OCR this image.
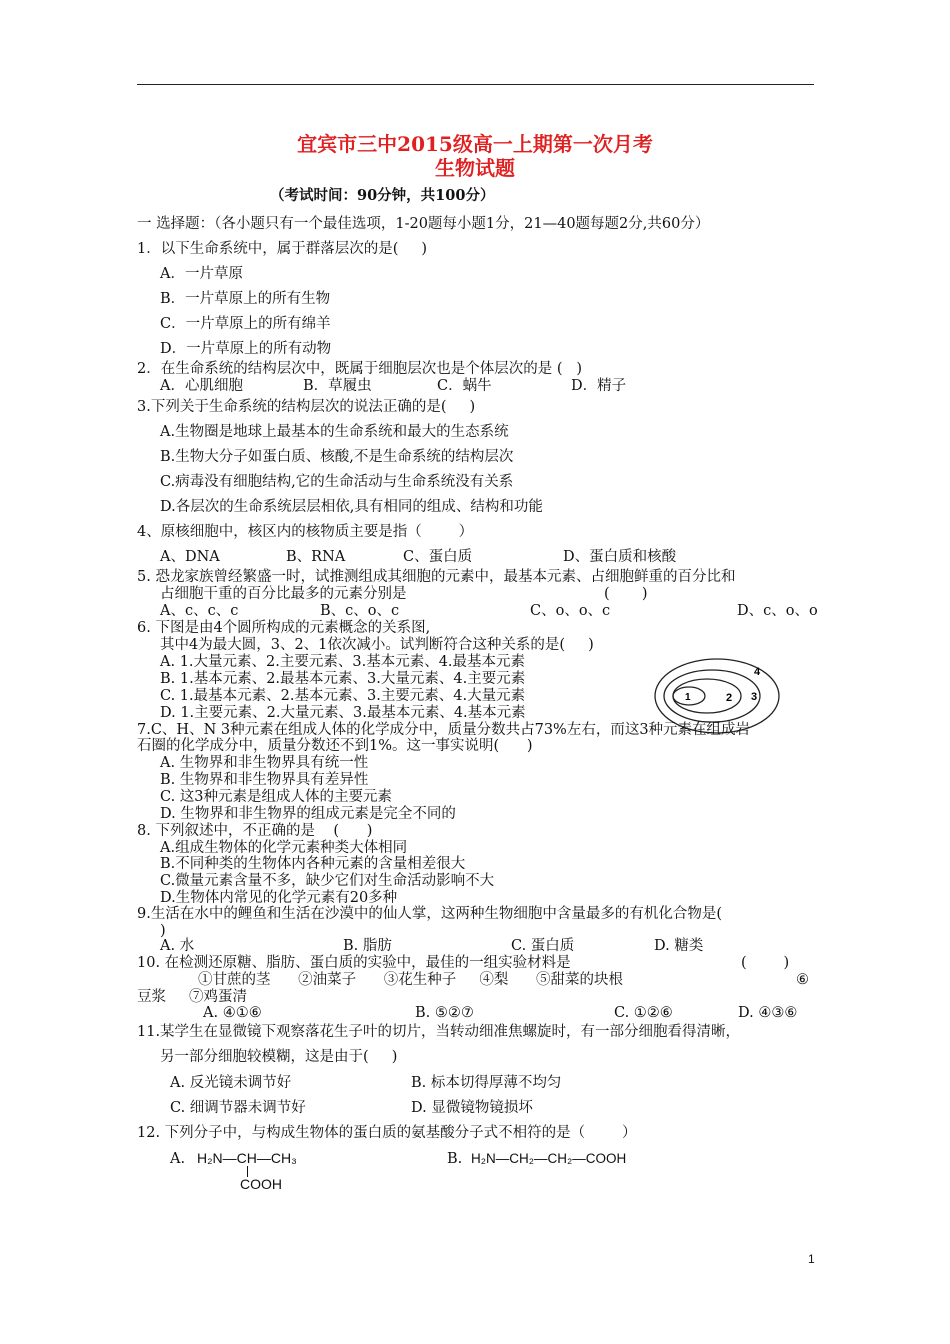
宜宾市三中2015级高一上期第一次月考
生物试题
（考试时间：90分钟，共100分）
一 选择题：（各小题只有一个最佳选项，1-20题每小题1分，21—40题每题2分,共60分）
1．以下生命系统中，属于群落层次的是(     )
A．一片草原
B．一片草原上的所有生物
C．一片草原上的所有绵羊
D．一片草原上的所有动物
2．在生命系统的结构层次中，既属于细胞层次也是个体层次的是 (   )
A．心肌细胞	B．草履虫	C．蜗牛	D．精子
3.下列关于生命系统的结构层次的说法正确的是(     )
A.生物圈是地球上最基本的生命系统和最大的生态系统
B.生物大分子如蛋白质、核酸,不是生命系统的结构层次
C.病毒没有细胞结构,它的生命活动与生命系统没有关系
D.各层次的生命系统层层相依,具有相同的组成、结构和功能
4、原核细胞中，核区内的核物质主要是指（        ）
A、DNA	B、RNA	C、蛋白质	D、蛋白质和核酸
5. 恐龙家族曾经繁盛一时，试推测组成其细胞的元素中，最基本元素、占细胞鲜重的百分比和
占细胞干重的百分比最多的元素分别是	(       )
A、c、c、c	B、c、o、c	C、o、o、c	D、c、o、o
6. 下图是由4个圆所构成的元素概念的关系图,
其中4为最大圆，3、2、1依次减小。试判断符合这种关系的是(     )
A. 1.大量元素、2.主要元素、3.基本元素、4.最基本元素
B. 1.基本元素、2.最基本元素、3.大量元素、4.主要元素
C. 1.最基本元素、2.基本元素、3.主要元素、4.大量元素
D. 1.主要元素、2.大量元素、3.最基本元素、4.基本元素
1	2 3
4
7.C、H、N 3种元素在组成人体的化学成分中，质量分数共占73%左右，而这3种元素在组成岩
石圈的化学成分中，质量分数还不到1%。这一事实说明(      )
A. 生物界和非生物界具有统一性
B. 生物界和非生物界具有差异性
C. 这3种元素是组成人体的主要元素
D. 生物界和非生物界的组成元素是完全不同的
8. 下列叙述中，不正确的是    (      )
A.组成生物体的化学元素种类大体相同
B.不同种类的生物体内各种元素的含量相差很大
C.微量元素含量不多，缺少它们对生命活动影响不大
D.生物体内常见的化学元素有20多种
9.生活在水中的鲤鱼和生活在沙漠中的仙人掌，这两种生物细胞中含量最多的有机化合物是(
)
A. 水	B. 脂肪	C. 蛋白质	D. 糖类
10. 在检测还原糖、脂肪、蛋白质的实验中，最佳的一组实验材料是	(        )
①甘蔗的茎      ②油菜子      ③花生种子     ④梨      ⑤甜菜的块根	⑥
豆浆     ⑦鸡蛋清
A. ④①⑥	B. ⑤②⑦	C. ①②⑥	D. ④③⑥
11.某学生在显微镜下观察落花生子叶的切片，当转动细准焦螺旋时，有一部分细胞看得清晰，
另一部分细胞较模糊，这是由于(     )
A. 反光镜未调节好	B. 标本切得厚薄不均匀
C. 细调节器未调节好	D. 显微镜物镜损坏
12. 下列分子中，与构成生物体的蛋白质的氨基酸分子式不相符的是（        ）
A. H₂N—CH—CH₃
COOH
B. H₂N—CH₂—CH₂—COOH
1
